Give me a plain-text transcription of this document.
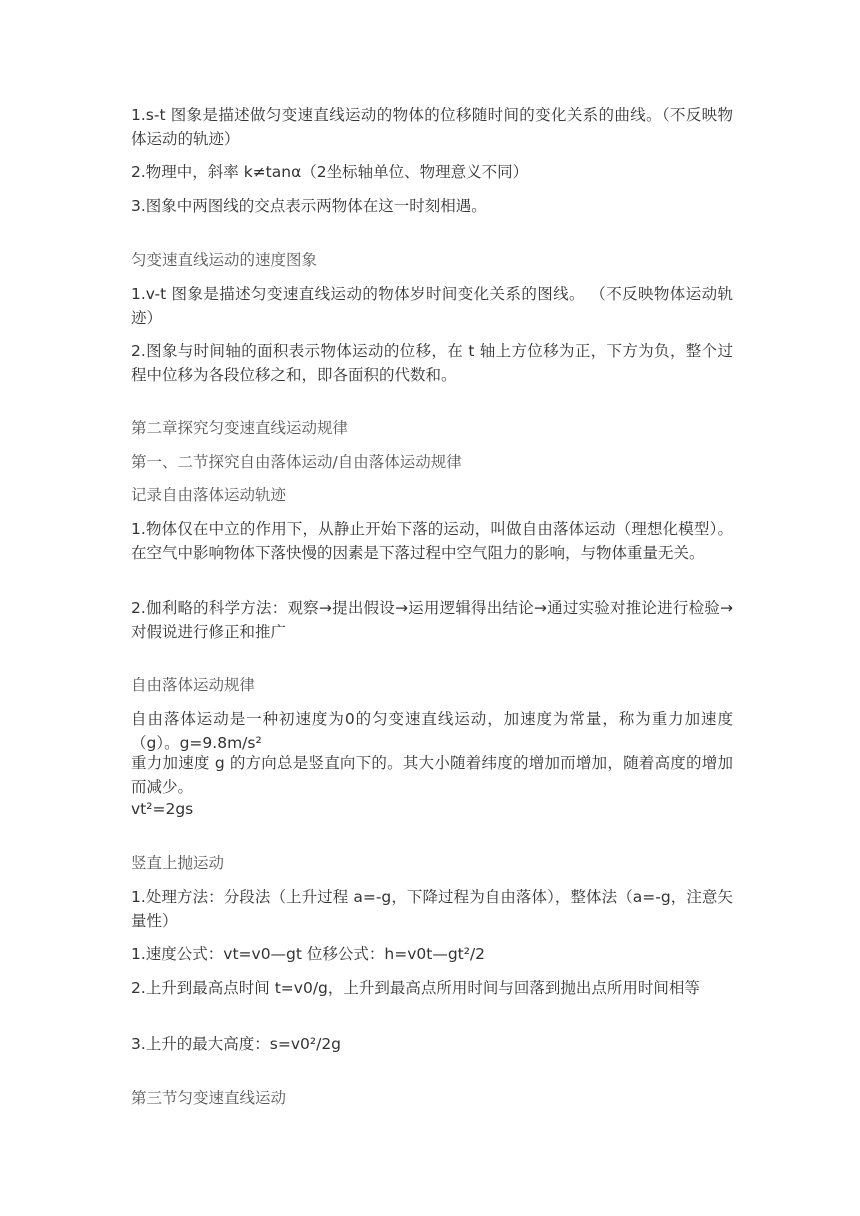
1.s-t 图象是描述做匀变速直线运动的物体的位移随时间的变化关系的曲线。（不反映物体运动的轨迹）

2.物理中，斜率 k≠tanα（2坐标轴单位、物理意义不同）

3.图象中两图线的交点表示两物体在这一时刻相遇。

匀变速直线运动的速度图象

1.v-t 图象是描述匀变速直线运动的物体岁时间变化关系的图线。 （不反映物体运动轨迹）

2.图象与时间轴的面积表示物体运动的位移，在 t 轴上方位移为正，下方为负，整个过程中位移为各段位移之和，即各面积的代数和。

第二章探究匀变速直线运动规律

第一、二节探究自由落体运动/自由落体运动规律

记录自由落体运动轨迹

1.物体仅在中立的作用下，从静止开始下落的运动，叫做自由落体运动（理想化模型）。在空气中影响物体下落快慢的因素是下落过程中空气阻力的影响，与物体重量无关。

2.伽利略的科学方法：观察→提出假设→运用逻辑得出结论→通过实验对推论进行检验→对假说进行修正和推广

自由落体运动规律

自由落体运动是一种初速度为0的匀变速直线运动，加速度为常量，称为重力加速度（g）。g=9.8m/s²

重力加速度 g 的方向总是竖直向下的。其大小随着纬度的增加而增加，随着高度的增加而减少。

vt²=2gs

竖直上抛运动

1.处理方法：分段法（上升过程 a=-g，下降过程为自由落体），整体法（a=-g，注意矢量性）

1.速度公式：vt=v0—gt 位移公式：h=v0t—gt²/2

2.上升到最高点时间 t=v0/g，上升到最高点所用时间与回落到抛出点所用时间相等

3.上升的最大高度：s=v0²/2g

第三节匀变速直线运动
